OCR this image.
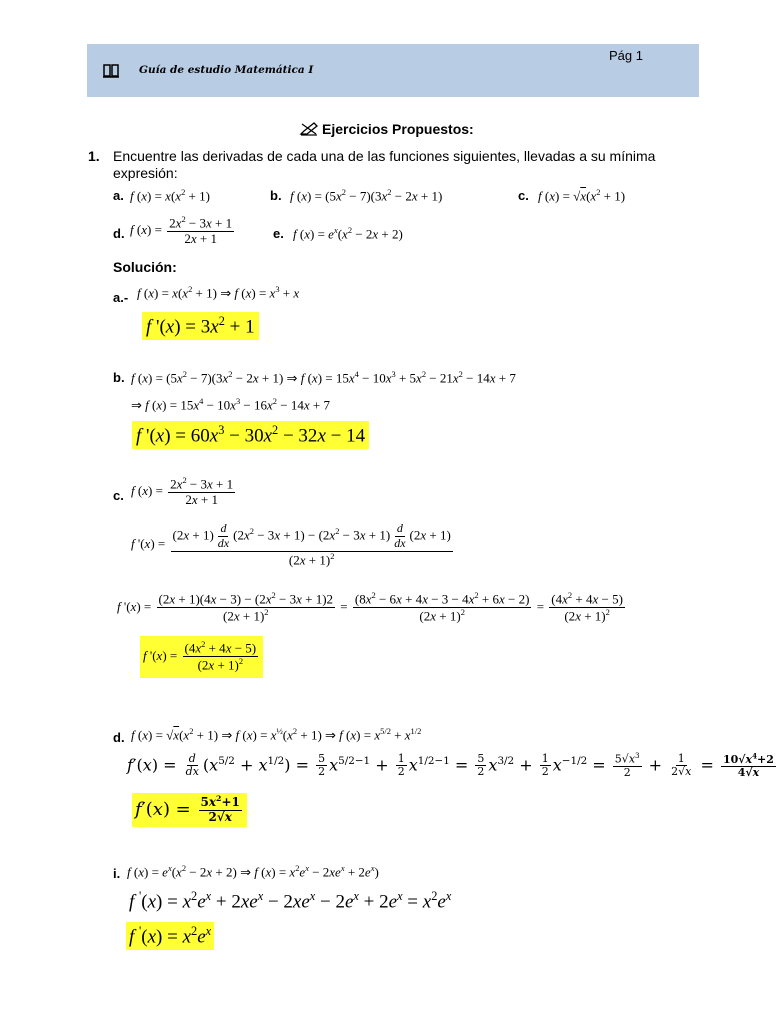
Pág 1
Guía de estudio Matemática I
Ejercicios Propuestos:
1. Encuentre las derivadas de cada una de las funciones siguientes, llevadas a su mínima
expresión:
a. f $(x) = x(x^2 + 1)$	b. f $(x) = (5x^2 - 7)(3x^2 - 2x + 1)$	c. f $(x) = √x(x^2 + 1)$
d. f $(x) = \frac{2x^2 - 3x + 1}{2x + 1}$	e. f $(x) = e^x(x^2 - 2x + 2)$
Solución:
a.- f $(x) = x(x^2 + 1)$ ⇒ f $(x) = x^3 + x$
f '$(x) = 3x^2 + 1$
b. f $(x) = (5x^2 - 7)(3x^2 - 2x + 1)$ ⇒ f $(x) = 15x^4 - 10x^3 + 5x^2 - 21x^2 - 14x + 7$
⇒ f $(x) = 15x^4 - 10x^3 - 16x^2 - 14x + 7$
f '$(x) = 60x^3 - 30x^2 - 32x - 14$
c. f $(x) = \frac{2x^2 - 3x + 1}{2x + 1}$
f '$(x) = \frac{(2x + 1) \frac{d}{dx} (2x^2 - 3x + 1) - (2x^2 - 3x + 1) \frac{d}{dx} (2x + 1)}{(2x + 1)^2}$
f '$(x) = \frac{(2x + 1)(4x - 3) - (2x^2 - 3x + 1)2}{(2x + 1)^2} = \frac{(8x^2 - 6x + 4x - 3 - 4x^2 + 6x - 2)}{(2x + 1)^2} = \frac{(4x^2 + 4x - 5)}{(2x + 1)^2}$
f '$(x) = \frac{(4x^2 + 4x - 5)}{(2x + 1)^2}$
d. f $(x) = √x(x^2 + 1)$ ⇒ f $(x) = x^{\frac{1}{2}}(x^2 + 1)$ ⇒ f $(x) = x^{5/2} + x^{1/2}$
$f'(x) = \frac{d}{dx} (x^{5/2} + x^{1/2}) = \frac{5}{2} x^{5/2-1} + \frac{1}{2} x^{1/2-1} = \frac{5}{2} x^{3/2} + \frac{1}{2} x^{-1/2} = \frac{5√x^3}{2} + \frac{1}{2√x} = \frac{10√x^4+2}{4√x}$
$f'(x) = \frac{5x^2+1}{2√x}$
i. f $(x) = e^x(x^2 - 2x + 2)$ ⇒ f $(x) = x^2e^x - 2xe^x + 2e^x$)
f $'(x) = x^2e^x + 2xe^x - 2xe^x - 2e^x + 2e^x = x^2e^x$
f $'(x) = x^2e^x$
